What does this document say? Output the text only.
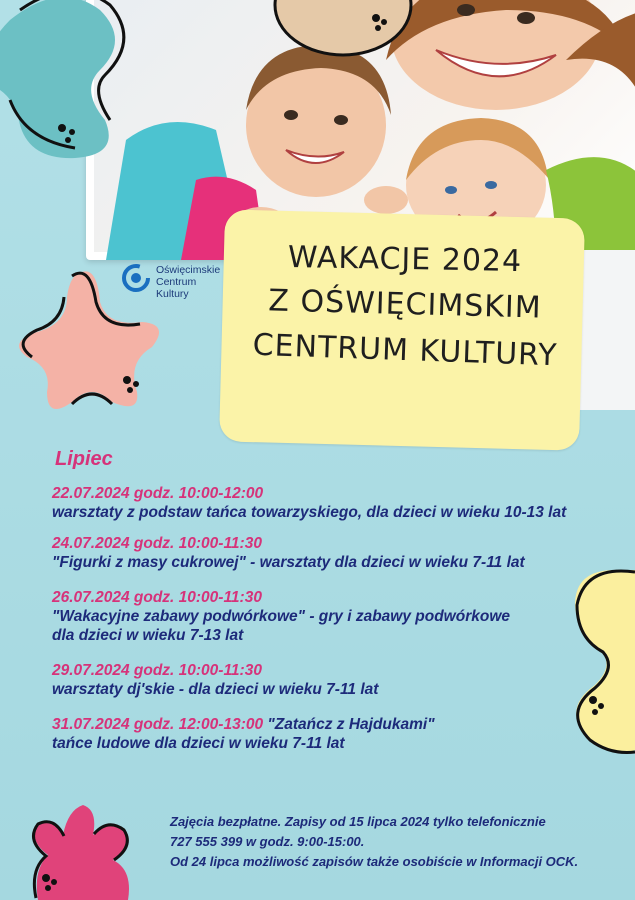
Oświęcimskie
Centrum
Kultury
WAKACJE 2024
Z OŚWIĘCIMSKIM
CENTRUM KULTURY
Lipiec
22.07.2024 godz. 10:00-12:00
warsztaty z podstaw tańca towarzyskiego, dla dzieci w wieku 10-13 lat
24.07.2024 godz. 10:00-11:30
"Figurki z masy cukrowej" - warsztaty dla dzieci w wieku 7-11 lat
26.07.2024 godz. 10:00-11:30
"Wakacyjne zabawy podwórkowe" - gry i zabawy podwórkowe
dla dzieci w wieku 7-13 lat
29.07.2024 godz. 10:00-11:30
warsztaty dj'skie - dla dzieci w wieku 7-11 lat
31.07.2024 godz. 12:00-13:00 "Zatańcz z Hajdukami"
tańce ludowe dla dzieci w wieku 7-11 lat
Zajęcia bezpłatne. Zapisy od 15 lipca 2024 tylko telefonicznie
727 555 399 w godz. 9:00-15:00.
Od 24 lipca możliwość zapisów także osobiście w Informacji OCK.
